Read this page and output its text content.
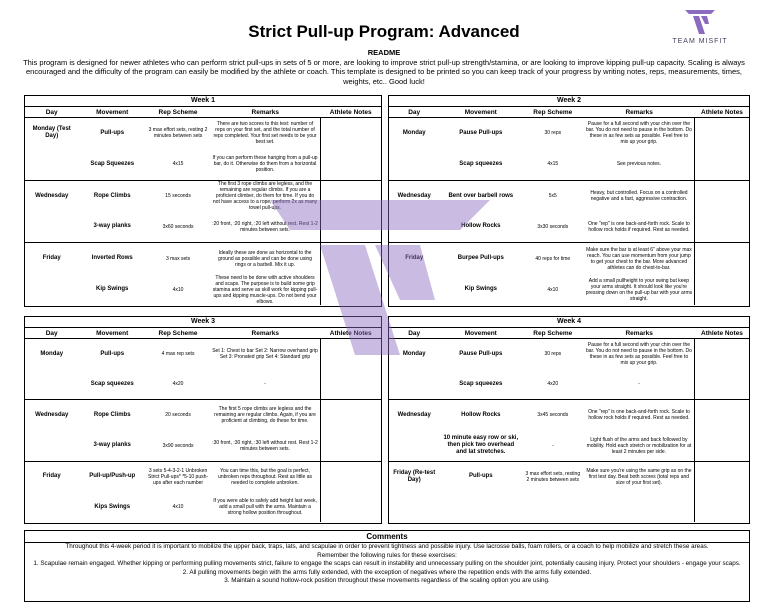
Strict Pull-up Program: Advanced
TEAM MISFIT
README
This program is designed for newer athletes who can perform strict pull-ups in sets of 5 or more, are looking to improve strict pull-up strength/stamina, or are looking to improve kipping pull-up capacity. Scaling is always encouraged and the difficulty of the program can easily be modified by the athlete or coach. This template is designed to be printed so you can keep track of your progress by writing notes, reps, measurements, times, weights, etc.. Good luck!
Week 1
Day	Movement	Rep Scheme	Remarks	Athlete Notes
Monday (Test Day)	Pull-ups	3 max effort sets, resting 2 minutes between sets	There are two scores to this test: number of reps on your first set, and the total number of reps completed. Your first set needs to be your best set.	
	Scap Squeezes	4x15	If you can perform these hanging from a pull-up bar, do it. Otherwise do them from a horizontal position.	
Wednesday	Rope Climbs	15 seconds	The first 3 rope climbs are legless, and the remaining are regular climbs. If you are a proficient climber, do them for time. If you do not have access to a rope, perform 2x as many towel pull-ups.	
	3-way planks	3x60 seconds	:20 front, :20 right, :20 left without rest. Rest 1-2 minutes between sets.	
Friday	Inverted Rows	3 max sets	Ideally these are done as horizontal to the ground as possible and can be done using rings or a barbell. Mix it up.	
	Kip Swings	4x10	These need to be done with active shoulders and scaps. The purpose is to build some grip stamina and serve as skill work for kipping pull-ups and kipping muscle-ups. Do not bend your elbows.	
Week 2
Day	Movement	Rep Scheme	Remarks	Athlete Notes
Monday	Pause Pull-ups	30 reps	Pause for a full second with your chin over the bar. You do not need to pause in the bottom. Do these in as few sets as possible. Feel free to mix up your grip.	
	Scap squeezes	4x15	See previous notes.	
Wednesday	Bent over barbell rows	5x5	Heavy, but controlled. Focus on a controlled negative and a fast, aggressive contraction.	
	Hollow Rocks	3x30 seconds	One "rep" is one back-and-forth rock. Scale to hollow rock holds if required. Rest as needed.	
Friday	Burpee Pull-ups	40 reps for time	Make sure the bar is at least 6" above your max reach. You can use momentum from your jump to get your chest to the bar. More advanced athletes can do chest-to-bar.	
	Kip Swings	4x10	Add a small pullheight to your swing but keep your arms straight. It should look like you're pressing down on the pull-up bar with your arms straight.	
Week 3
Day	Movement	Rep Scheme	Remarks	Athlete Notes
Monday	Pull-ups	4 max rep sets	Set 1: Chest to bar Set 2: Narrow overhand grip Set 3: Pronated grip Set 4: Standard grip	
	Scap squeezes	4x20	-	
Wednesday	Rope Climbs	20 seconds	The first 5 rope climbs are legless and the remaining are regular climbs. Again, if you are proficient at climbing, do these for time.	
	3-way planks	3x90 seconds	:30 front, :30 right, :30 left without rest. Rest 1-2 minutes between sets.	
Friday	Pull-up/Push-up	3 sets 5-4-3-2-1 Unbroken Strict Pull-ups* *5-10 push-ups after each number	You can time this, but the goal is perfect, unbroken reps throughout. Rest as little as needed to complete unbroken.	
	Kips Swings	4x10	If you were able to safely add height last week, add a small pull with the arms. Maintain a strong hollow position throughout.	
Week 4
Day	Movement	Rep Scheme	Remarks	Athlete Notes
Monday	Pause Pull-ups	30 reps	Pause for a full second with your chin over the bar. You do not need to pause in the bottom. Do these in as few sets as possible. Feel free to mix up your grip.	
	Scap squeezes	4x20	-	
Wednesday	Hollow Rocks	3x45 seconds	One "rep" is one back-and-forth rock. Scale to hollow rock holds if required. Rest as needed.	
	10 minute easy row or ski, then pick two overhead and lat stretches.	-	Light flush of the arms and back followed by mobility. Hold each stretch or mobilization for at least 2 minutes per side.	
Friday (Re-test Day)	Pull-ups	3 max effort sets, resting 2 minutes between sets	Make sure you're using the same grip as on the first test day. Beat both scores (total reps and size of your first set).	

Comments
Throughout this 4-week period it is important to mobilize the upper back, traps, lats, and scapulae in order to prevent tightness and possible injury. Use lacrosse balls, foam rollers, or a coach to help mobilize and stretch these areas.
Remember the following rules for these exercises:
1. Scapulae remain engaged. Whether kipping or performing pulling movements strict, failure to engage the scaps can result in instability and unnecessary pulling on the shoulder joint, potentially causing injury. Protect your shoulders - engage your scaps.
2. All pulling movements begin with the arms fully extended, with the exception of negatives where the repetition ends with the arms fully extended.
3. Maintain a sound hollow-rock position throughout these movements regardless of the scaling option you are using.
